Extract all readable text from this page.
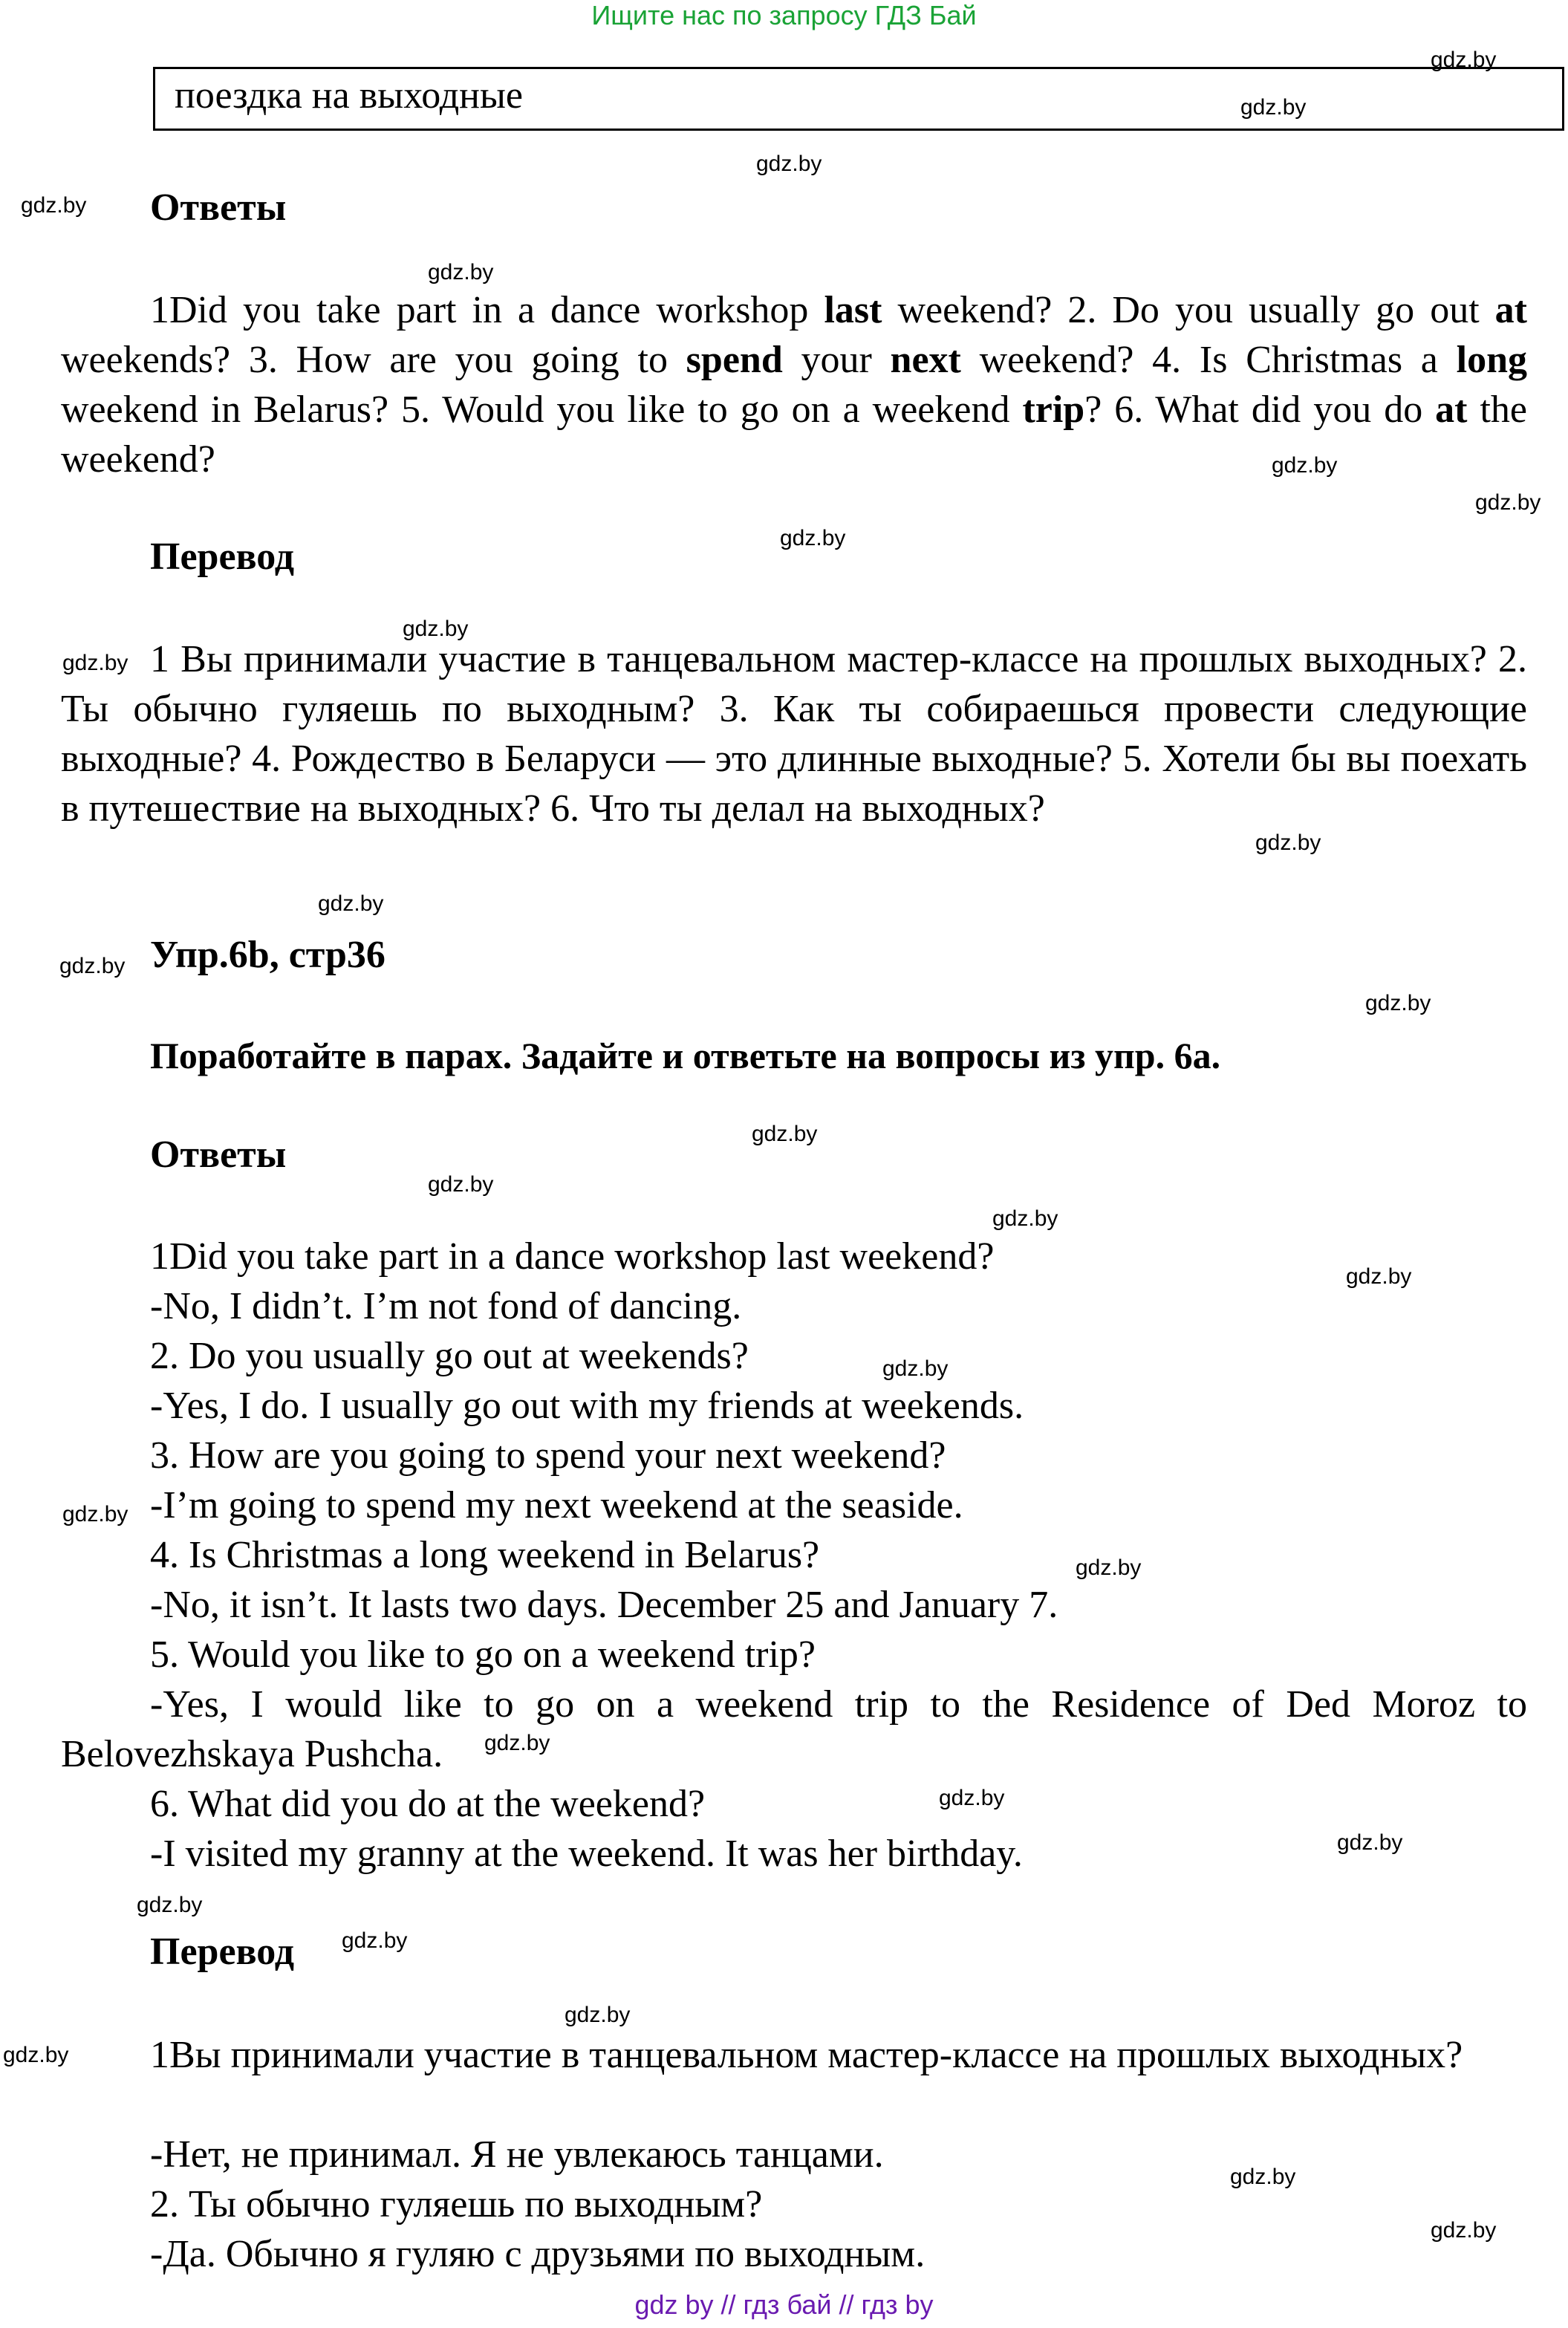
Ищите нас по запросу ГДЗ Бай
поездка на выходные
Ответы
1Did you take part in a dance workshop last weekend? 2. Do you usually go out at weekends? 3. How are you going to spend your next weekend? 4. Is Christmas a long weekend in Belarus? 5. Would you like to go on a weekend trip? 6. What did you do at the weekend?
Перевод
1 Вы принимали участие в танцевальном мастер-классе на прошлых выходных? 2. Ты обычно гуляешь по выходным? 3. Как ты собираешься провести следующие выходные? 4. Рождество в Беларуси — это длинные выходные? 5. Хотели бы вы поехать в путешествие на выходных? 6. Что ты делал на выходных?
Упр.6b, стр36
Поработайте в парах. Задайте и ответьте на вопросы из упр. 6а.
Ответы
1Did you take part in a dance workshop last weekend?
-No, I didn’t. I’m not fond of dancing.
2. Do you usually go out at weekends?
-Yes, I do. I usually go out with my friends at weekends.
3. How are you going to spend your next weekend?
-I’m going to spend my next weekend at the seaside.
4. Is Christmas a long weekend in Belarus?
-No, it isn’t. It lasts two days. December 25 and January 7.
5. Would you like to go on a weekend trip?
-Yes, I would like to go on a weekend trip to the Residence of Ded Moroz to Belovezhskaya Pushcha.
6. What did you do at the weekend?
-I visited my granny at the weekend. It was her birthday.
Перевод
1Вы принимали участие в танцевальном мастер-классе на прошлых выходных?
-Нет, не принимал. Я не увлекаюсь танцами.
2. Ты обычно гуляешь по выходным?
-Да. Обычно я гуляю с друзьями по выходным.
gdz.by
gdz.by
gdz.by
gdz.by
gdz.by
gdz.by
gdz.by
gdz.by
gdz.by
gdz.by
gdz.by
gdz.by
gdz.by
gdz.by
gdz.by
gdz.by
gdz.by
gdz.by
gdz.by
gdz.by
gdz.by
gdz.by
gdz.by
gdz.by
gdz.by
gdz.by
gdz.by
gdz.by
gdz.by
gdz.by
gdz by // гдз бай // гдз by
